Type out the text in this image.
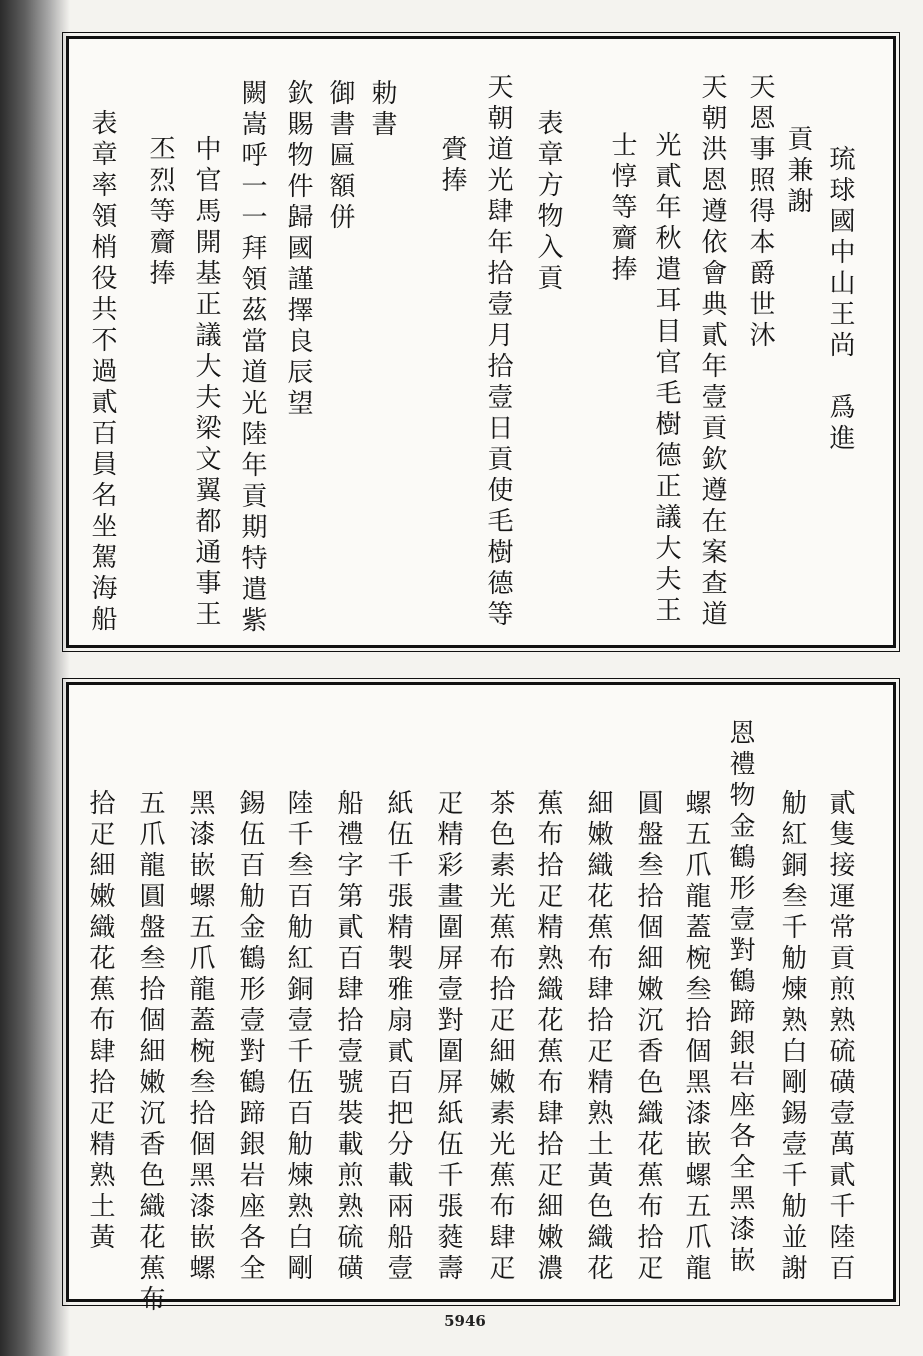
琉球國中山王尚　爲進
貢兼謝
天恩事照得本爵世沐
天朝洪恩遵依會典貳年壹貢欽遵在案查道
光貳年秋遣耳目官毛樹德正議大夫王
士惇等齎捧
表章方物入貢
天朝道光肆年拾壹月拾壹日貢使毛樹德等
賫捧
勅書
御書匾額併
欽賜物件歸國謹擇良辰望
闕嵩呼一一拜領茲當道光陸年貢期特遣紫
中官馬開基正議大夫梁文翼都通事王
丕烈等齎捧
表章率領梢役共不過貳百員名坐駕海船
貳隻接運常貢煎熟硫磺壹萬貳千陸百
觔紅銅叁千觔煉熟白剛錫壹千觔並謝
恩禮物金鶴形壹對鶴蹄銀岩座各全黑漆嵌
螺五爪龍蓋椀叁拾個黑漆嵌螺五爪龍
圓盤叁拾個細嫩沉香色織花蕉布拾疋
細嫩織花蕉布肆拾疋精熟土黃色織花
蕉布拾疋精熟織花蕉布肆拾疋細嫩濃
茶色素光蕉布拾疋細嫩素光蕉布肆疋
疋精彩畫圍屏壹對圍屏紙伍千張蕤壽
紙伍千張精製雅扇貳百把分載兩船壹
船禮字第貳百肆拾壹號裝載煎熟硫磺
陸千叁百觔紅銅壹千伍百觔煉熟白剛
錫伍百觔金鶴形壹對鶴蹄銀岩座各全
黑漆嵌螺五爪龍蓋椀叁拾個黑漆嵌螺
五爪龍圓盤叁拾個細嫩沉香色織花蕉布
拾疋細嫩織花蕉布肆拾疋精熟土黃
5946
